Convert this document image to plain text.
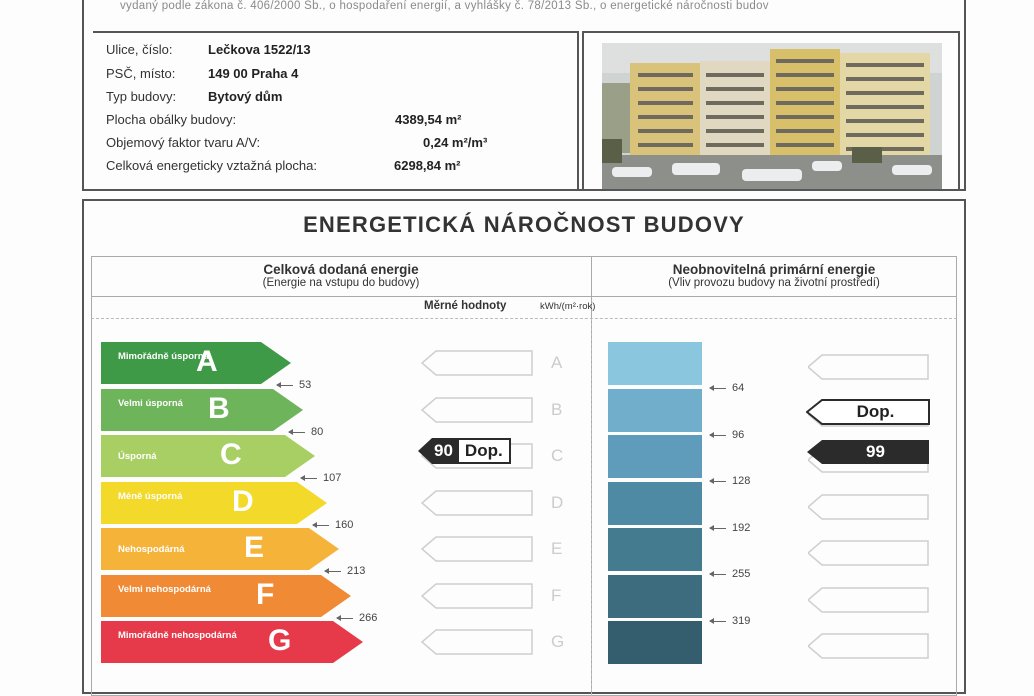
vydaný podle zákona č. 406/2000 Sb., o hospodaření energií, a vyhlášky č. 78/2013 Sb., o energetické náročnosti budov
Ulice, číslo:	Lečkova 1522/13
PSČ, místo:	149 00 Praha 4
Typ budovy: Bytový dům
Plocha obálky budovy:	4389,54 m²
Objemový faktor tvaru A/V:	0,24 m²/m³
Celková energeticky vztažná plocha:	6298,84 m²
ENERGETICKÁ NÁROČNOST BUDOVY
Celková dodaná energie
(Energie na vstupu do budovy)
Neobnovitelná primární energie
(Vliv provozu budovy na životní prostředí)
Měrné hodnoty	kWh/(m²·rok)
Mimořádně úsporná
A
53
A
64
Velmi úsporná B
80
B
96
Úsporná C
107
C
128
Méně úsporná	D
160
D
192
Nehospodárná E
213
E
255
Velmi nehospodárná	F
266
F
319
Mimořádně nehospodárná	G	G
90 Dop.
Dop.
99
